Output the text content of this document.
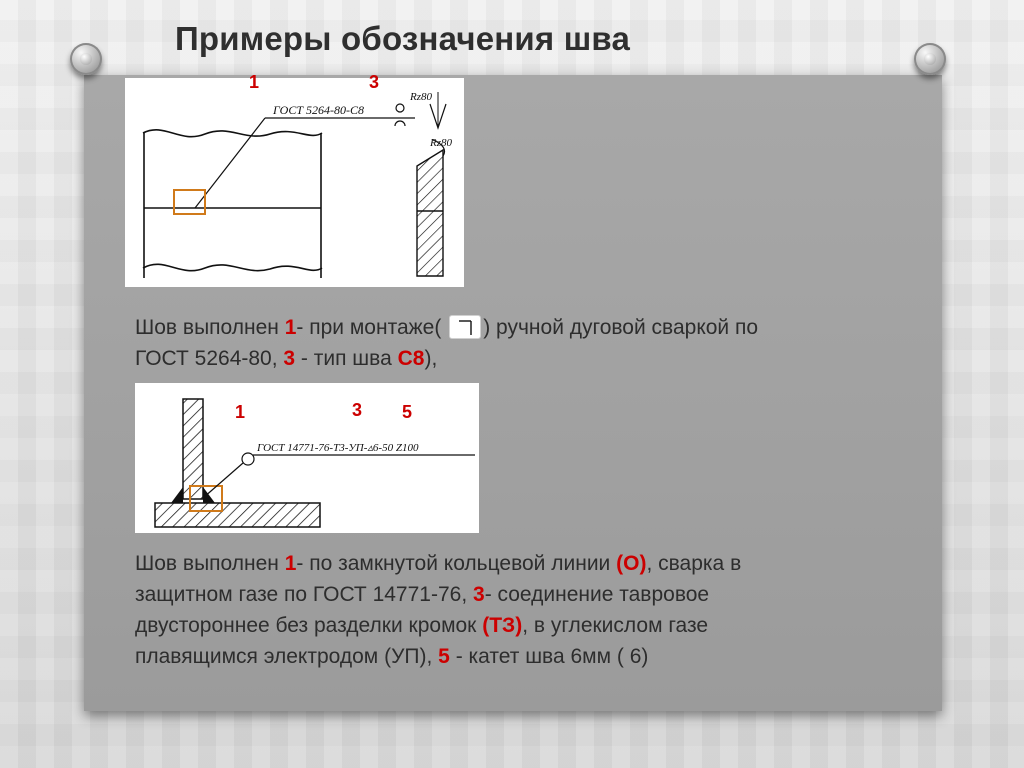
Примеры обозначения шва
ГОСТ 5264-80-С8
Rz80
Rz80
1	3
Шов выполнен 1- при монтаже( ) ручной дуговой сваркой по
ГОСТ 5264-80, 3 - тип шва С8),
ГОСТ 14771-76-Т3-УП-▵6-50 Z100
1	3 5
Шов выполнен 1- по замкнутой кольцевой линии (О), сварка в
защитном газе по ГОСТ 14771-76, 3- соединение тавровое
двустороннее без разделки кромок (ТЗ), в углекислом газе
плавящимся электродом (УП), 5 - катет шва 6мм ( 6)
